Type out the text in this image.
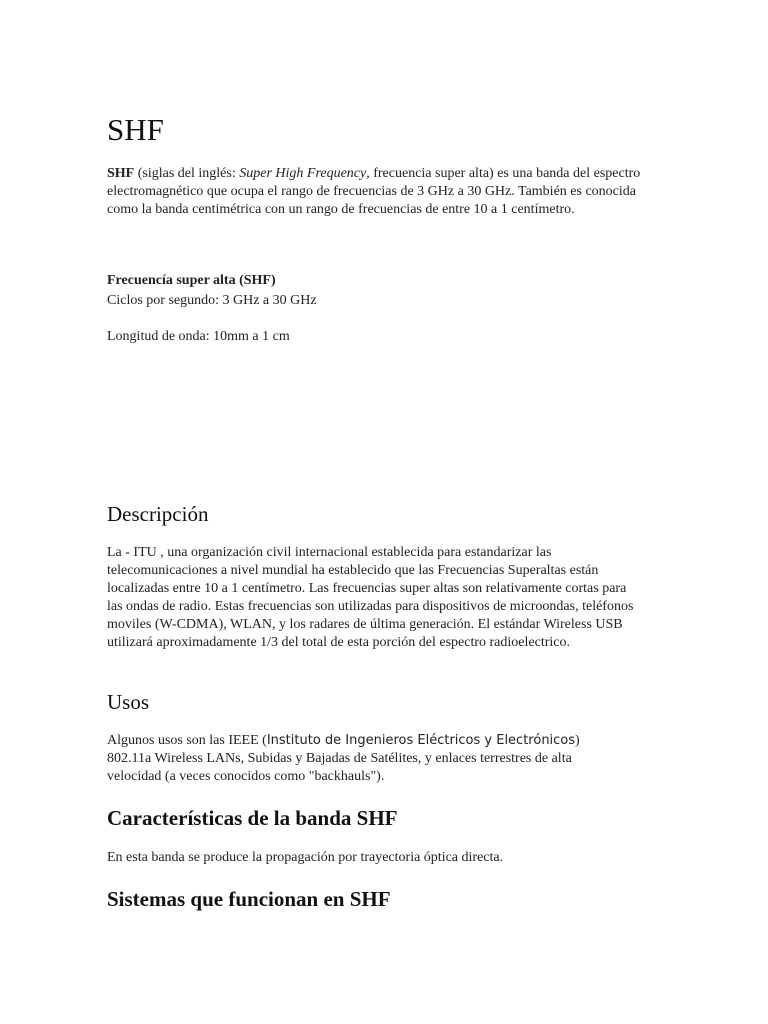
SHF

SHF (siglas del inglés: Super High Frequency, frecuencia super alta) es una banda del espectro electromagnético que ocupa el rango de frecuencias de 3 GHz a 30 GHz. También es conocida como la banda centimétrica con un rango de frecuencias de entre 10 a 1 centímetro.

Frecuencía super alta (SHF)

Ciclos por segundo: 3 GHz a 30 GHz

Longitud de onda: 10mm a 1 cm

Descripción

La - ITU , una organización civil internacional establecida para estandarizar las telecomunicaciones a nivel mundial ha establecido que las Frecuencias Superaltas están localizadas entre 10 a 1 centímetro. Las frecuencias super altas son relativamente cortas para las ondas de radio. Estas frecuencias son utilizadas para dispositivos de microondas, teléfonos moviles (W-CDMA), WLAN, y los radares de última generación. El estándar Wireless USB utilizará aproximadamente 1/3 del total de esta porción del espectro radioelectrico.

Usos

Algunos usos son las IEEE (Instituto de Ingenieros Eléctricos y Electrónicos) 802.11a Wireless LANs, Subidas y Bajadas de Satélites, y enlaces terrestres de alta velocidad (a veces conocidos como "backhauls").

Características de la banda SHF

En esta banda se produce la propagación por trayectoria óptica directa.

Sistemas que funcionan en SHF
